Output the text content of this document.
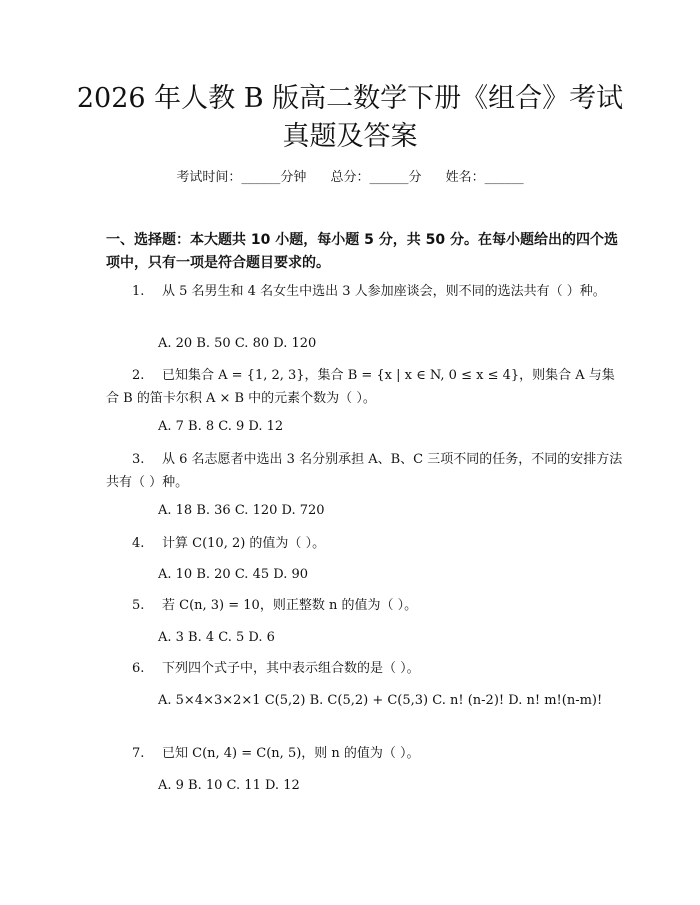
2026 年人教 B 版高二数学下册《组合》考试
真题及答案
考试时间：______分钟 总分：______分 姓名：______
一、选择题：本大题共 10 小题，每小题 5 分，共 50 分。在每小题给出的四个选项中，只有一项是符合题目要求的。
1. 从 5 名男生和 4 名女生中选出 3 人参加座谈会，则不同的选法共有（ ）种。
A. 20 B. 50 C. 80 D. 120
2. 已知集合 A = {1, 2, 3}，集合 B = {x | x ∈ N, 0 ≤ x ≤ 4}，则集合 A 与集合 B 的笛卡尔积 A × B 中的元素个数为（ ）。
A. 7 B. 8 C. 9 D. 12
3. 从 6 名志愿者中选出 3 名分别承担 A、B、C 三项不同的任务，不同的安排方法共有（ ）种。
A. 18 B. 36 C. 120 D. 720
4. 计算 C(10, 2) 的值为（ ）。
A. 10 B. 20 C. 45 D. 90
5. 若 C(n, 3) = 10，则正整数 n 的值为（ ）。
A. 3 B. 4 C. 5 D. 6
6. 下列四个式子中，其中表示组合数的是（ ）。
A. 5×4×3×2×1 C(5,2) B. C(5,2) + C(5,3) C. n! (n-2)! D. n! m!(n-m)!
7. 已知 C(n, 4) = C(n, 5)，则 n 的值为（ ）。
A. 9 B. 10 C. 11 D. 12
